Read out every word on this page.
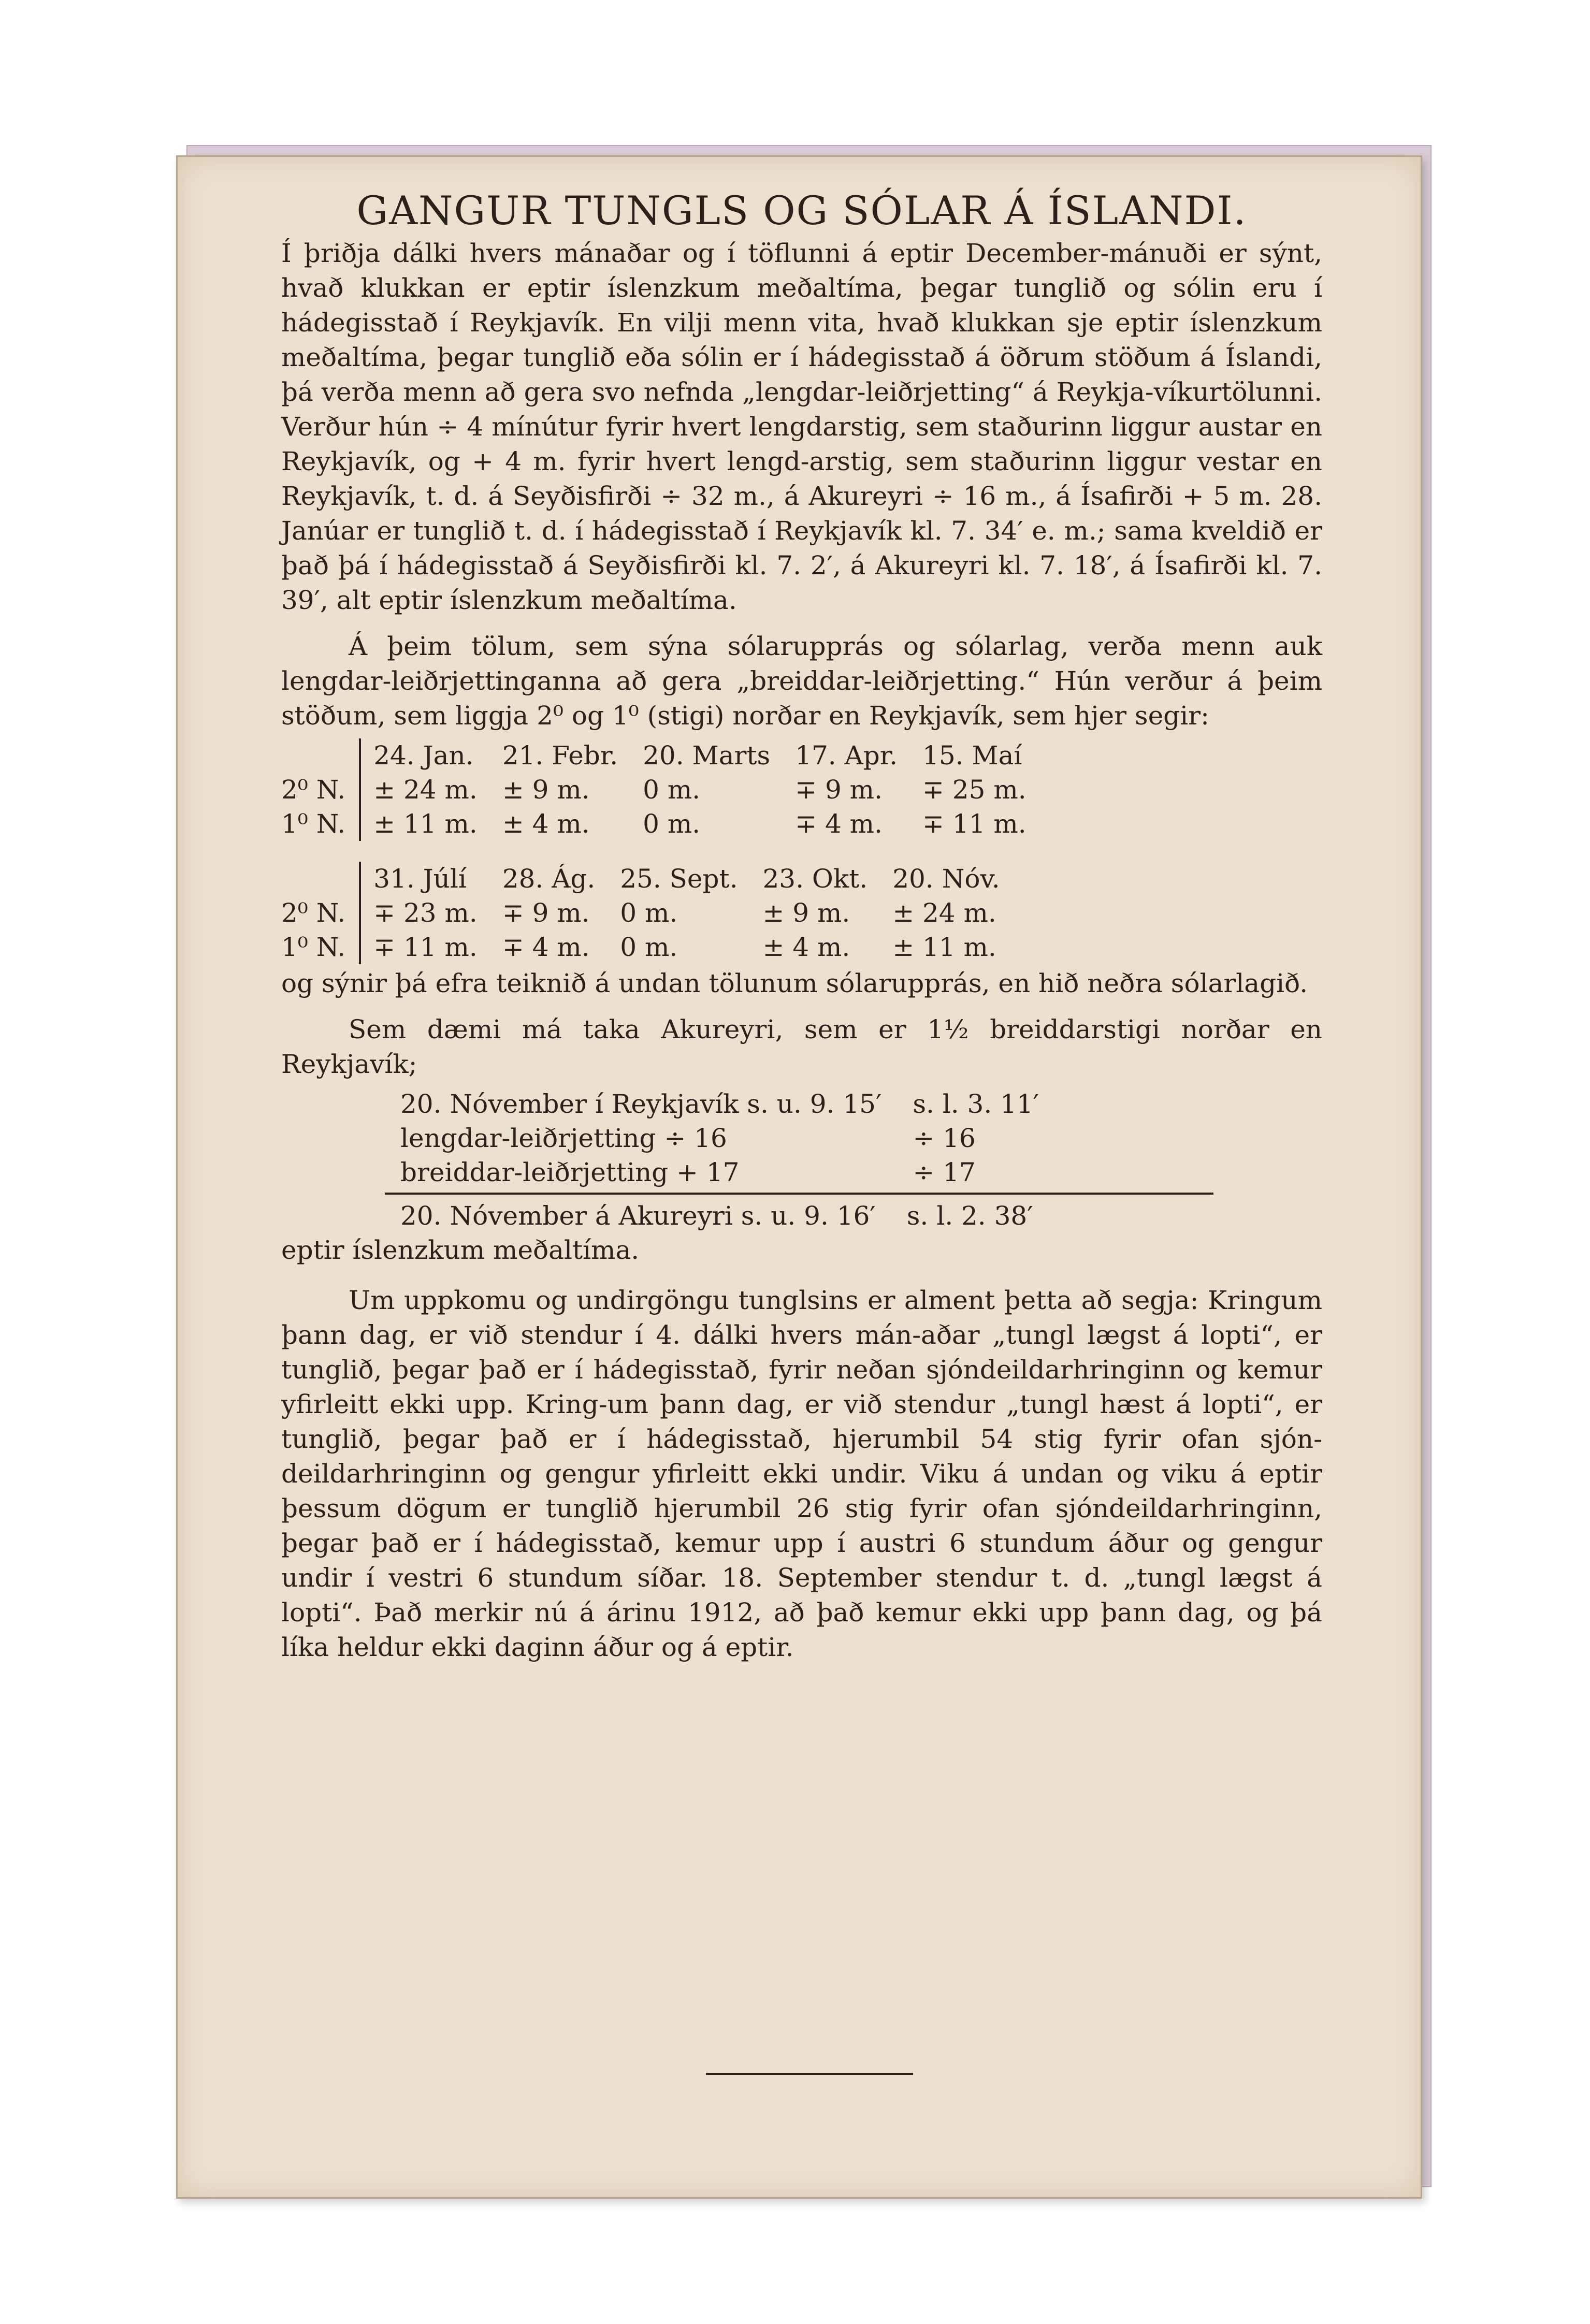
GANGUR TUNGLS OG SÓLAR Á ÍSLANDI.

Í þriðja dálki hvers mánaðar og í töflunni á eptir December-mánuði er sýnt, hvað klukkan er eptir íslenzkum meðaltíma, þegar tunglið og sólin eru í hádegisstað í Reykjavík. En vilji menn vita, hvað klukkan sje eptir íslenzkum meðaltíma, þegar tunglið eða sólin er í hádegisstað á öðrum stöðum á Íslandi, þá verða menn að gera svo nefnda „lengdar-leiðrjetting“ á Reykja-víkurtölunni. Verður hún ÷ 4 mínútur fyrir hvert lengdarstig, sem staðurinn liggur austar en Reykjavík, og + 4 m. fyrir hvert lengd-arstig, sem staðurinn liggur vestar en Reykjavík, t. d. á Seyðisfirði ÷ 32 m., á Akureyri ÷ 16 m., á Ísafirði + 5 m. 28. Janúar er tunglið t. d. í hádegisstað í Reykjavík kl. 7. 34′ e. m.; sama kveldið er það þá í hádegisstað á Seyðisfirði kl. 7. 2′, á Akureyri kl. 7. 18′, á Ísafirði kl. 7. 39′, alt eptir íslenzkum meðaltíma.

Á þeim tölum, sem sýna sólarupprás og sólarlag, verða menn auk lengdar-leiðrjettinganna að gera „breiddar-leiðrjetting.“ Hún verður á þeim stöðum, sem liggja 2⁰ og 1⁰ (stigi) norðar en Reykjavík, sem hjer segir:

	24. Jan.	21. Febr.	20. Marts	17. Apr.	15. Maí
2⁰ N.	± 24 m.	± 9 m.	0 m.	∓ 9 m.	∓ 25 m.
1⁰ N.	± 11 m.	± 4 m.	0 m.	∓ 4 m.	∓ 11 m.
	31. Júlí	28. Ág.	25. Sept.	23. Okt.	20. Nóv.
2⁰ N.	∓ 23 m.	∓ 9 m.	0 m.	± 9 m.	± 24 m.
1⁰ N.	∓ 11 m.	∓ 4 m.	0 m.	± 4 m.	± 11 m.

og sýnir þá efra teiknið á undan tölunum sólarupprás, en hið neðra sólarlagið.

Sem dæmi má taka Akureyri, sem er 1½ breiddarstigi norðar en Reykjavík;

20. Nóvember í Reykjavík s. u. 9. 15′	s. l. 3. 11′
lengdar-leiðrjetting ÷ 16	÷ 16
breiddar-leiðrjetting + 17	÷ 17
20. Nóvember á Akureyri s. u. 9. 16′	s. l. 2. 38′

eptir íslenzkum meðaltíma.

Um uppkomu og undirgöngu tunglsins er alment þetta að segja: Kringum þann dag, er við stendur í 4. dálki hvers mán-aðar „tungl lægst á lopti“, er tunglið, þegar það er í hádegisstað, fyrir neðan sjóndeildarhringinn og kemur yfirleitt ekki upp. Kring-um þann dag, er við stendur „tungl hæst á lopti“, er tunglið, þegar það er í hádegisstað, hjerumbil 54 stig fyrir ofan sjón-deildarhringinn og gengur yfirleitt ekki undir. Viku á undan og viku á eptir þessum dögum er tunglið hjerumbil 26 stig fyrir ofan sjóndeildarhringinn, þegar það er í hádegisstað, kemur upp í austri 6 stundum áður og gengur undir í vestri 6 stundum síðar. 18. September stendur t. d. „tungl lægst á lopti“. Það merkir nú á árinu 1912, að það kemur ekki upp þann dag, og þá líka heldur ekki daginn áður og á eptir.
